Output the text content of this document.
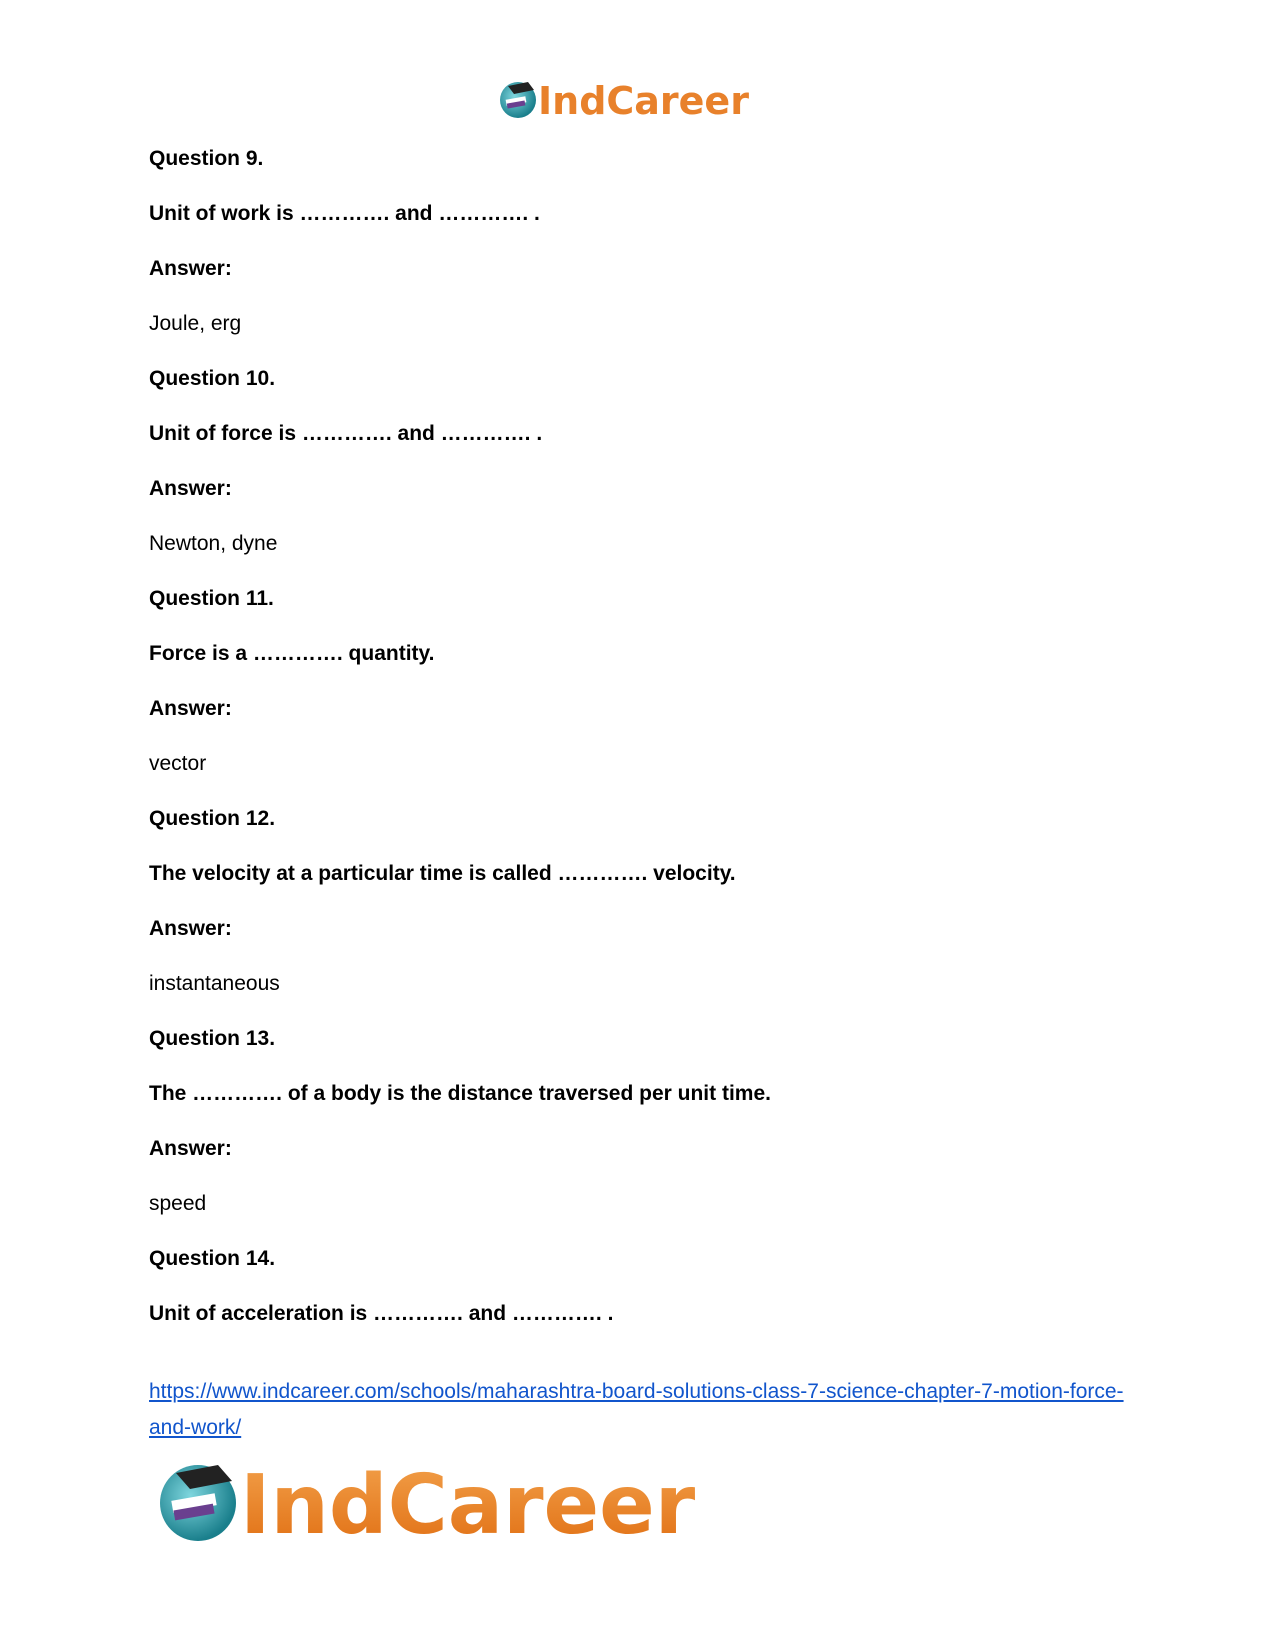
IndCareer
Question 9.
Unit of work is …………. and …………. .
Answer:
Joule, erg
Question 10.
Unit of force is …………. and …………. .
Answer:
Newton, dyne
Question 11.
Force is a …………. quantity.
Answer:
vector
Question 12.
The velocity at a particular time is called …………. velocity.
Answer:
instantaneous
Question 13.
The …………. of a body is the distance traversed per unit time.
Answer:
speed
Question 14.
Unit of acceleration is …………. and …………. .
https://www.indcareer.com/schools/maharashtra-board-solutions-class-7-science-chapter-7-motion-force-and-work/
IndCareer
